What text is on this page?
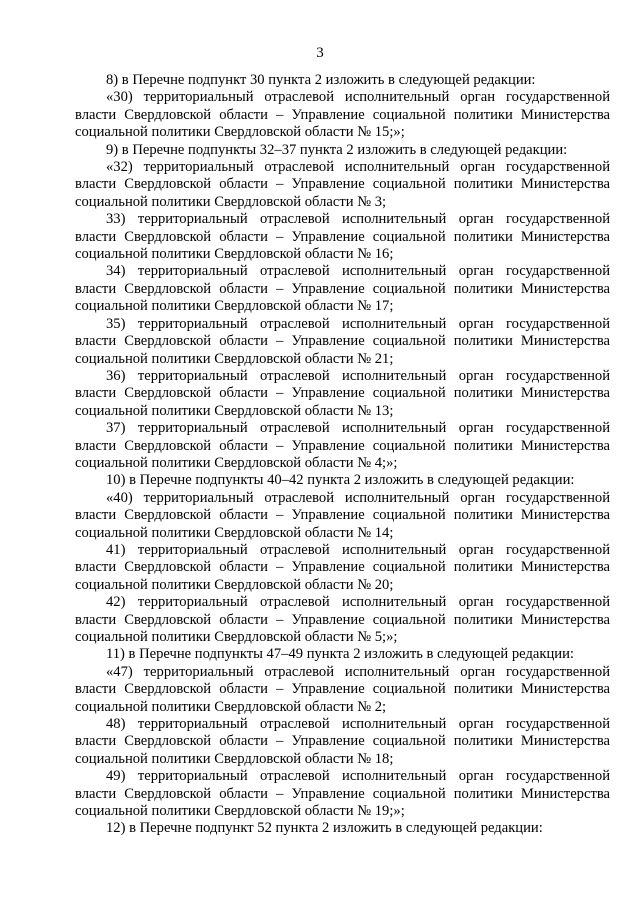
3

8) в Перечне подпункт 30 пункта 2 изложить в следующей редакции:

«30) территориальный отраслевой исполнительный орган государственной власти Свердловской области – Управление социальной политики Министерства социальной политики Свердловской области № 15;»;

9) в Перечне подпункты 32–37 пункта 2 изложить в следующей редакции:

«32) территориальный отраслевой исполнительный орган государственной власти Свердловской области – Управление социальной политики Министерства социальной политики Свердловской области № 3;

33) территориальный отраслевой исполнительный орган государственной власти Свердловской области – Управление социальной политики Министерства социальной политики Свердловской области № 16;

34) территориальный отраслевой исполнительный орган государственной власти Свердловской области – Управление социальной политики Министерства социальной политики Свердловской области № 17;

35) территориальный отраслевой исполнительный орган государственной власти Свердловской области – Управление социальной политики Министерства социальной политики Свердловской области № 21;

36) территориальный отраслевой исполнительный орган государственной власти Свердловской области – Управление социальной политики Министерства социальной политики Свердловской области № 13;

37) территориальный отраслевой исполнительный орган государственной власти Свердловской области – Управление социальной политики Министерства социальной политики Свердловской области № 4;»;

10) в Перечне подпункты 40–42 пункта 2 изложить в следующей редакции:

«40) территориальный отраслевой исполнительный орган государственной власти Свердловской области – Управление социальной политики Министерства социальной политики Свердловской области № 14;

41) территориальный отраслевой исполнительный орган государственной власти Свердловской области – Управление социальной политики Министерства социальной политики Свердловской области № 20;

42) территориальный отраслевой исполнительный орган государственной власти Свердловской области – Управление социальной политики Министерства социальной политики Свердловской области № 5;»;

11) в Перечне подпункты 47–49 пункта 2 изложить в следующей редакции:

«47) территориальный отраслевой исполнительный орган государственной власти Свердловской области – Управление социальной политики Министерства социальной политики Свердловской области № 2;

48) территориальный отраслевой исполнительный орган государственной власти Свердловской области – Управление социальной политики Министерства социальной политики Свердловской области № 18;

49) территориальный отраслевой исполнительный орган государственной власти Свердловской области – Управление социальной политики Министерства социальной политики Свердловской области № 19;»;

12) в Перечне подпункт 52 пункта 2 изложить в следующей редакции:
